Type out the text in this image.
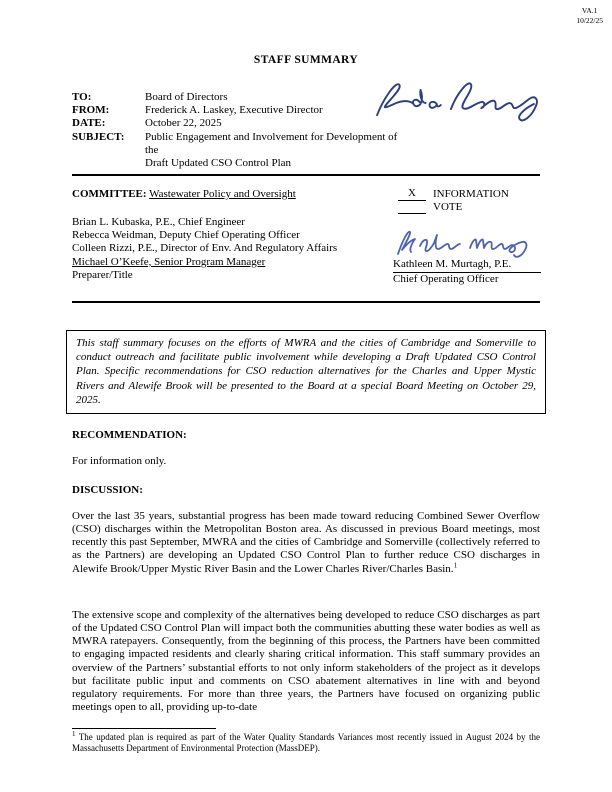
VA.1
10/22/25
STAFF SUMMARY
TO:	Board of Directors
FROM:	Frederick A. Laskey, Executive Director
DATE:	October 22, 2025
SUBJECT:	Public Engagement and Involvement for Development of the
Draft Updated CSO Control Plan
COMMITTEE: Wastewater Policy and Oversight	X INFORMATION
VOTE
Brian L. Kubaska, P.E., Chief Engineer
Rebecca Weidman, Deputy Chief Operating Officer
Colleen Rizzi, P.E., Director of Env. And Regulatory Affairs
Michael O’Keefe, Senior Program Manager
Preparer/Title
Kathleen M. Murtagh, P.E.
Chief Operating Officer
This staff summary focuses on the efforts of MWRA and the cities of Cambridge and Somerville to conduct outreach and facilitate public involvement while developing a Draft Updated CSO Control Plan. Specific recommendations for CSO reduction alternatives for the Charles and Upper Mystic Rivers and Alewife Brook will be presented to the Board at a special Board Meeting on October 29, 2025.
RECOMMENDATION:
For information only.
DISCUSSION:
Over the last 35 years, substantial progress has been made toward reducing Combined Sewer Overflow (CSO) discharges within the Metropolitan Boston area. As discussed in previous Board meetings, most recently this past September, MWRA and the cities of Cambridge and Somerville (collectively referred to as the Partners) are developing an Updated CSO Control Plan to further reduce CSO discharges in Alewife Brook/Upper Mystic River Basin and the Lower Charles River/Charles Basin.$^1$
The extensive scope and complexity of the alternatives being developed to reduce CSO discharges as part of the Updated CSO Control Plan will impact both the communities abutting these water bodies as well as MWRA ratepayers. Consequently, from the beginning of this process, the Partners have been committed to engaging impacted residents and clearly sharing critical information. This staff summary provides an overview of the Partners’ substantial efforts to not only inform stakeholders of the project as it develops but facilitate public input and comments on CSO abatement alternatives in line with and beyond regulatory requirements. For more than three years, the Partners have focused on organizing public meetings open to all, providing up-to-date
$^1$ The updated plan is required as part of the Water Quality Standards Variances most recently issued in August 2024 by the Massachusetts Department of Environmental Protection (MassDEP).
